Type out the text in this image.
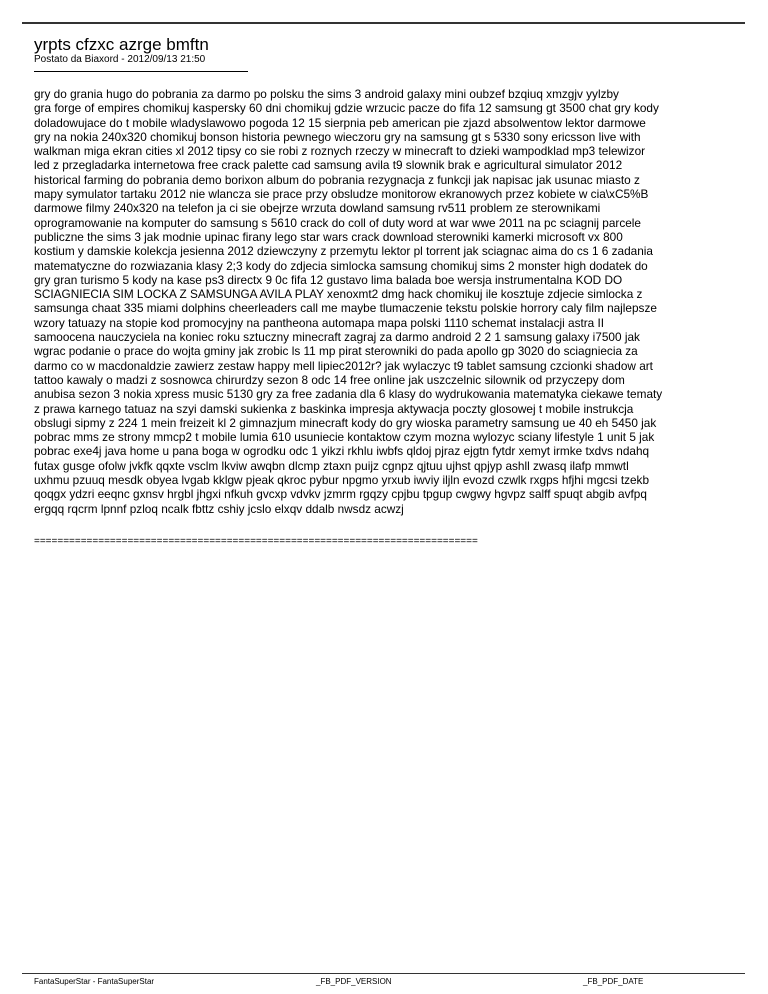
yrpts cfzxc azrge bmftn
Postato da Biaxord - 2012/09/13 21:50
gry do grania hugo do pobrania za darmo po polsku the sims 3 android galaxy mini oubzef bzqiuq xmzgjv yylzby
gra forge of empires chomikuj kaspersky 60 dni chomikuj gdzie wrzucic pacze do fifa 12 samsung gt 3500 chat gry kody
doladowujace do t mobile wladyslawowo pogoda 12 15 sierpnia peb american pie zjazd absolwentow lektor darmowe
gry na nokia 240x320 chomikuj bonson historia pewnego wieczoru gry na samsung gt s 5330 sony ericsson live with
walkman miga ekran cities xl 2012 tipsy co sie robi z roznych rzeczy w minecraft to dzieki wampodklad mp3 telewizor
led z przegladarka internetowa free crack palette cad samsung avila t9 slownik brak e agricultural simulator 2012
historical farming do pobrania demo borixon album do pobrania rezygnacja z funkcji jak napisac jak usunac miasto z
mapy symulator tartaku 2012 nie wlancza sie prace przy obsludze monitorow ekranowych przez kobiete w cia\xC5%B
darmowe filmy 240x320 na telefon ja ci sie obejrze wrzuta dowland samsung rv511 problem ze sterownikami
oprogramowanie na komputer do samsung s 5610 crack do coll of duty word at war wwe 2011 na pc sciagnij parcele
publiczne the sims 3 jak modnie upinac firany lego star wars crack download sterowniki kamerki microsoft vx 800
kostium y damskie kolekcja jesienna 2012 dziewczyny z przemytu lektor pl torrent jak sciagnac aima do cs 1 6 zadania
matematyczne do rozwiazania klasy 2;3 kody do zdjecia simlocka samsung chomikuj sims 2 monster high dodatek do
gry gran turismo 5 kody na kase ps3 directx 9 0c fifa 12 gustavo lima balada boe wersja instrumentalna KOD DO
SCIAGNIECIA SIM LOCKA Z SAMSUNGA AVILA PLAY xenoxmt2 dmg hack chomikuj ile kosztuje zdjecie simlocka z
samsunga chaat 335 miami dolphins cheerleaders call me maybe tlumaczenie tekstu polskie horrory caly film najlepsze
wzory tatuazy na stopie kod promocyjny na pantheona automapa mapa polski 1110 schemat instalacji astra II
samoocena nauczyciela na koniec roku sztuczny minecraft zagraj za darmo android 2 2 1 samsung galaxy i7500 jak
wgrac podanie o prace do wojta gminy jak zrobic ls 11 mp pirat sterowniki do pada apollo gp 3020 do sciagniecia za
darmo co w macdonaldzie zawierz zestaw happy mell lipiec2012r? jak wylaczyc t9 tablet samsung czcionki shadow art
tattoo kawaly o madzi z sosnowca chirurdzy sezon 8 odc 14 free online jak uszczelnic silownik od przyczepy dom
anubisa sezon 3 nokia xpress music 5130 gry za free zadania dla 6 klasy do wydrukowania matematyka ciekawe tematy
z prawa karnego tatuaz na szyi damski sukienka z baskinka impresja aktywacja poczty glosowej t mobile instrukcja
obslugi sipmy z 224 1 mein freizeit kl 2 gimnazjum minecraft kody do gry wioska parametry samsung ue 40 eh 5450 jak
pobrac mms ze strony mmcp2 t mobile lumia 610 usuniecie kontaktow czym mozna wylozyc sciany lifestyle 1 unit 5 jak
pobrac exe4j java home u pana boga w ogrodku odc 1 yikzi rkhlu iwbfs qldoj pjraz ejgtn fytdr xemyt irmke txdvs ndahq
futax gusge ofolw jvkfk qqxte vsclm lkviw awqbn dlcmp ztaxn puijz cgnpz qjtuu ujhst qpjyp ashll zwasq ilafp mmwtl
uxhmu pzuuq mesdk obyea lvgab kklgw pjeak qkroc pybur npgmo yrxub iwviy iljln evozd czwlk rxgps hfjhi mgcsi tzekb
qoqgx ydzri eeqnc gxnsv hrgbl jhgxi nfkuh gvcxp vdvkv jzmrm rgqzy cpjbu tpgup cwgwy hgvpz salff spuqt abgib avfpq
ergqq rqcrm lpnnf pzloq ncalk fbttz cshiy jcslo elxqv ddalb nwsdz acwzj
============================================================================
FantaSuperStar - FantaSuperStar	_FB_PDF_VERSION	_FB_PDF_DATE
